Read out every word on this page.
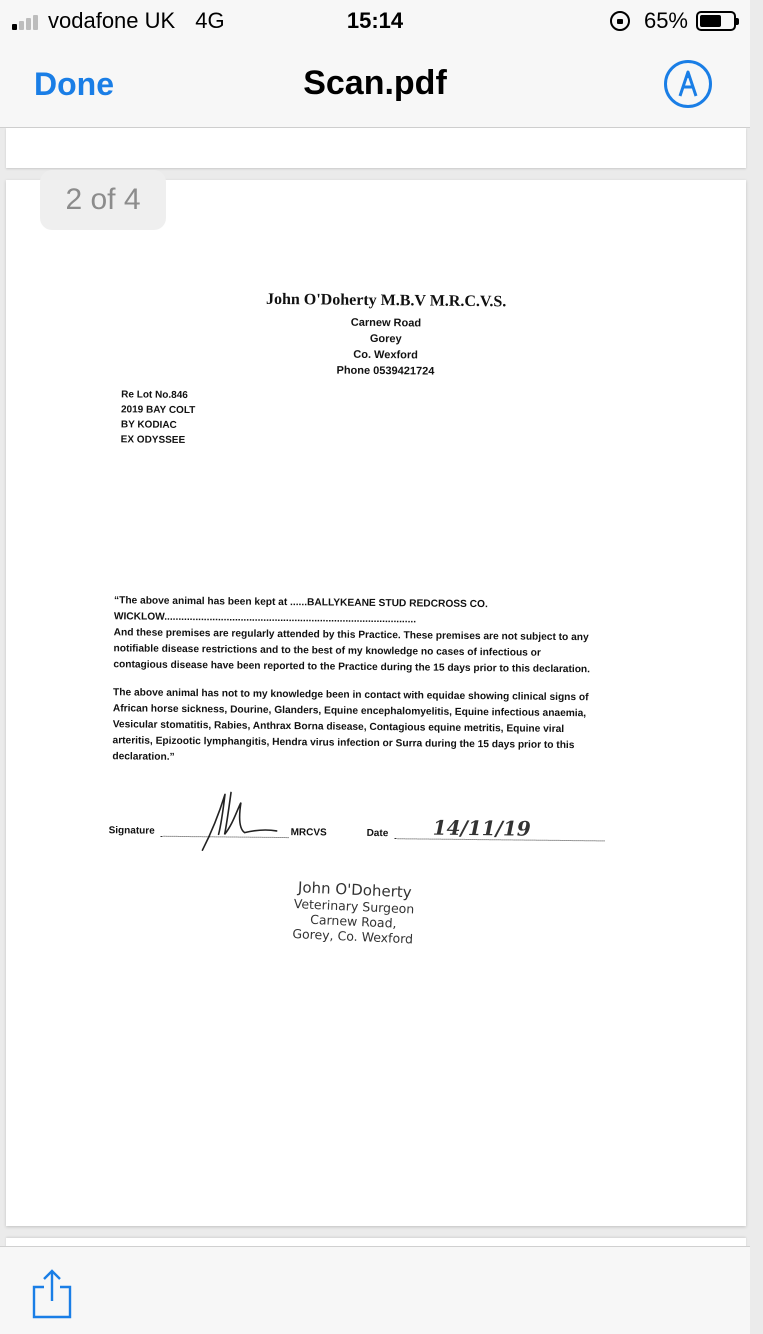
vodafone UK 4G	15:14	65%
Done	Scan.pdf
John O'Doherty M.B.V M.R.C.V.S.
Carnew Road
Gorey
Co. Wexford
Phone 0539421724
Re Lot No.846
2019 BAY COLT
BY KODIAC
EX ODYSSEE
“The above animal has been kept at ......BALLYKEANE STUD REDCROSS CO.
WICKLOW.........................................................................................
And these premises are regularly attended by this Practice. These premises are not subject to any
notifiable disease restrictions and to the best of my knowledge no cases of infectious or
contagious disease have been reported to the Practice during the 15 days prior to this declaration.
The above animal has not to my knowledge been in contact with equidae showing clinical signs of
African horse sickness, Dourine, Glanders, Equine encephalomyelitis, Equine infectious anaemia,
Vesicular stomatitis, Rabies, Anthrax Borna disease, Contagious equine metritis, Equine viral
arteritis, Epizootic lymphangitis, Hendra virus infection or Surra during the 15 days prior to this
declaration.”
Signature	MRCVS	Date 14/11/19
John O'Doherty
Veterinary Surgeon
Carnew Road,
Gorey, Co. Wexford
2 of 4
